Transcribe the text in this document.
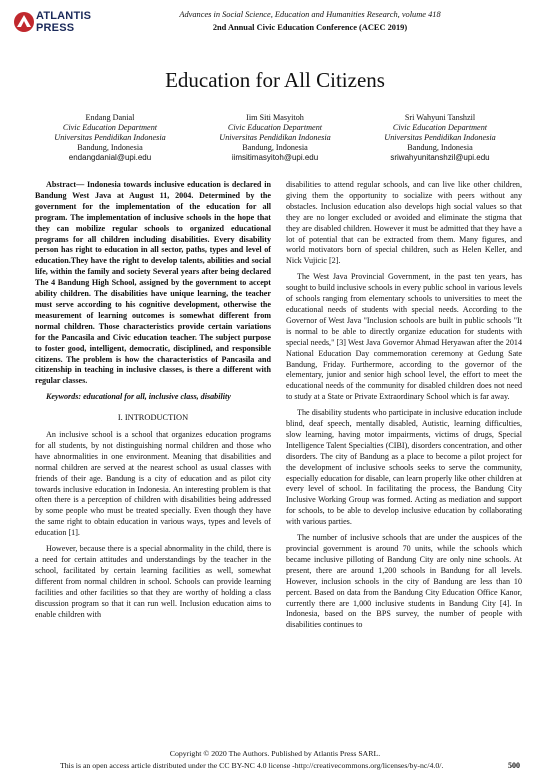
ATLANTIS
PRESS
Advances in Social Science, Education and Humanities Research, volume 418
2nd Annual Civic Education Conference (ACEC 2019)
Education for All Citizens
Endang Danial
Civic Education Department
Universitas Pendidikan Indonesia
Bandung, Indonesia
endangdanial@upi.edu
Iim Siti Masyitoh
Civic Education Department
Universitas Pendidikan Indonesia
Bandung, Indonesia
iimsitimasyitoh@upi.edu
Sri Wahyuni Tanshzil
Civic Education Department
Universitas Pendidikan Indonesia
Bandung, Indonesia
sriwahyunitanshzil@upi.edu

Abstract— Indonesia towards inclusive education is declared in Bandung West Java at August 11, 2004. Determined by the government for the implementation of the education for all program. The implementation of inclusive schools in the hope that they can mobilize regular schools to organized educational programs for all children including disabilities. Every disability person has right to education in all sector, paths, types and level of education.They have the right to develop talents, abilities and social life, within the family and society Several years after being declared The 4 Bandung High School, assigned by the government to accept ability children. The disabilities have unique learning, the teacher must serve according to his cognitive development, otherwise the measurement of learning outcomes is somewhat different from normal children. Those characteristics provide certain variations for the Pancasila and Civic education teacher. The subject purpose to foster good, intelligent, democratic, disciplined, and responsible citizens. The problem is how the characteristics of Pancasila and citizenship in teaching in inclusive classes, is there a different with regular classes.

Keywords: educational for all, inclusive class, disability

I. INTRODUCTION

An inclusive school is a school that organizes education programs for all students, by not distinguishing normal children and those who have abnormalities in one environment. Meaning that disabilities and normal children are served at the nearest school as usual classes with friends of their age. Bandung is a city of education and as pilot city towards inclusive education in Indonesia. An interesting problem is that often there is a perception of children with disabilities being addressed by some people who must be treated specially. Even though they have the same right to obtain education in various ways, types and levels of education [1].

However, because there is a special abnormality in the child, there is a need for certain attitudes and understandings by the teacher in the school, facilitated by certain learning facilities as well, somewhat different from normal children in school. Schools can provide learning facilities and other facilities so that they are worthy of holding a class discussion program so that it can run well. Inclusion education aims to enable children with

disabilities to attend regular schools, and can live like other children, giving them the opportunity to socialize with peers without any obstacles. Inclusion education also develops high social values so that they are no longer excluded or avoided and eliminate the stigma that they are disabled children. However it must be admitted that they have a lot of potential that can be extracted from them. Many figures, and world motivators born of special children, such as Helen Keller, and Nick Vujicic [2].

The West Java Provincial Government, in the past ten years, has sought to build inclusive schools in every public school in various levels of schools ranging from elementary schools to universities to meet the educational needs of students with special needs. According to the Governor of West Java "Inclusion schools are built in public schools "It is normal to be able to directly organize education for students with special needs," [3] West Java Governor Ahmad Heryawan after the 2014 National Education Day commemoration ceremony at Gedung Sate Bandung, Friday. Furthermore, according to the governor of the elementary, junior and senior high school level, the effort to meet the educational needs of the community for disabled children does not need to study at a State or Private Extraordinary School which is far away.

The disability students who participate in inclusive education include blind, deaf speech, mentally disabled, Autistic, learning difficulties, slow learning, having motor impairments, victims of drugs, Special Intelligence Talent Specialties (CIBI), disorders concentration, and other disorders. The city of Bandung as a place to become a pilot project for the development of inclusive schools seeks to serve the community, especially education for disable, can learn properly like other children at every level of school. In facilitating the process, the Bandung City Inclusive Working Group was formed. Acting as mediation and support for schools, to be able to develop inclusive education by collaborating with various parties.

The number of inclusive schools that are under the auspices of the provincial government is around 70 units, while the schools which became inclusive pilloting of Bandung City are only nine schools. At present, there are around 1,200 schools in Bandung for all levels. However, inclusion schools in the city of Bandung are less than 10 percent. Based on data from the Bandung City Education Office Kanor, currently there are 1,000 inclusive students in Bandung City [4]. In Indonesia, based on the BPS survey, the number of people with disabilities continues to

Copyright © 2020 The Authors. Published by Atlantis Press SARL.
This is an open access article distributed under the CC BY-NC 4.0 license -http://creativecommons.org/licenses/by-nc/4.0/.	500
